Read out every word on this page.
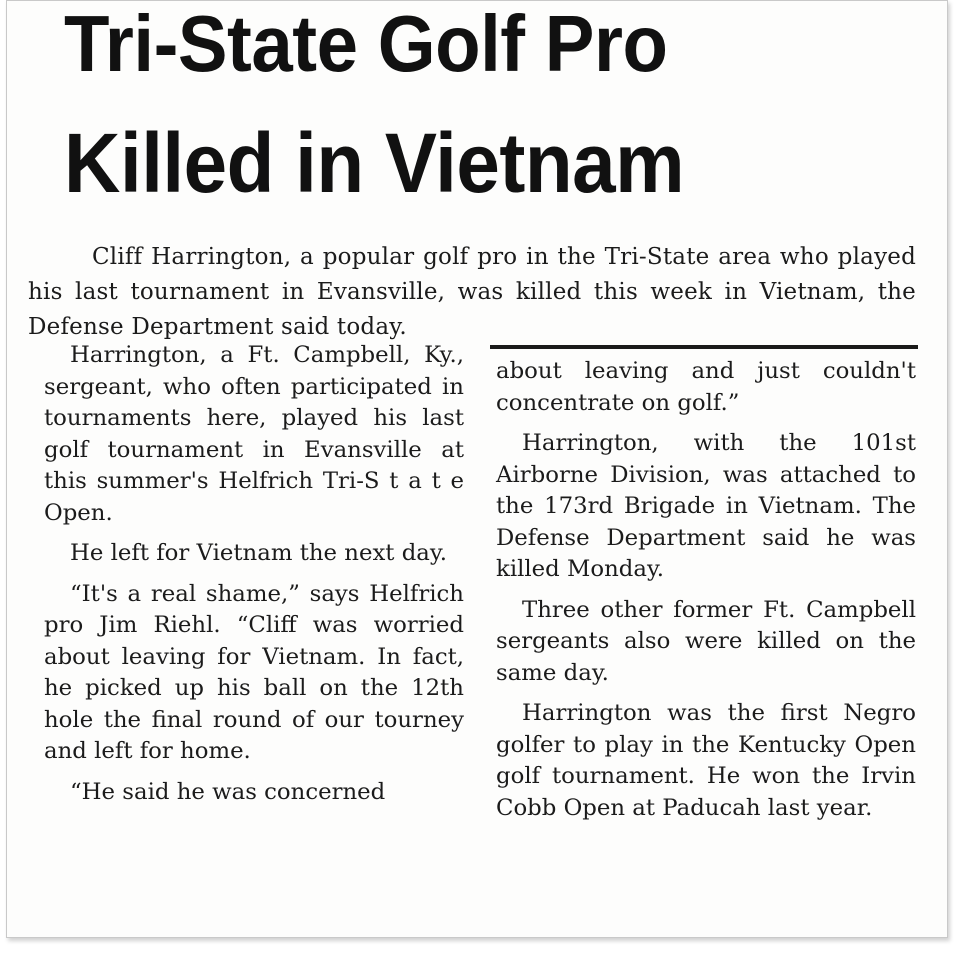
Tri-State Golf Pro
Killed in Vietnam

Cliff Harrington, a popular golf pro in the Tri-State area who played his last tournament in Evansville, was killed this week in Vietnam, the Defense Department said today.

Harrington, a Ft. Campbell, Ky., sergeant, who often participated in tournaments here, played his last golf tournament in Evansville at this summer's Helfrich Tri-S t a t e Open.

He left for Vietnam the next day.

“It's a real shame,” says Helfrich pro Jim Riehl. “Cliff was worried about leaving for Vietnam. In fact, he picked up his ball on the 12th hole the final round of our tourney and left for home.

“He said he was concerned

about leaving and just couldn't concentrate on golf.”

Harrington, with the 101st Airborne Division, was attached to the 173rd Brigade in Vietnam. The Defense Department said he was killed Monday.

Three other former Ft. Campbell sergeants also were killed on the same day.

Harrington was the first Negro golfer to play in the Kentucky Open golf tournament. He won the Irvin Cobb Open at Paducah last year.
